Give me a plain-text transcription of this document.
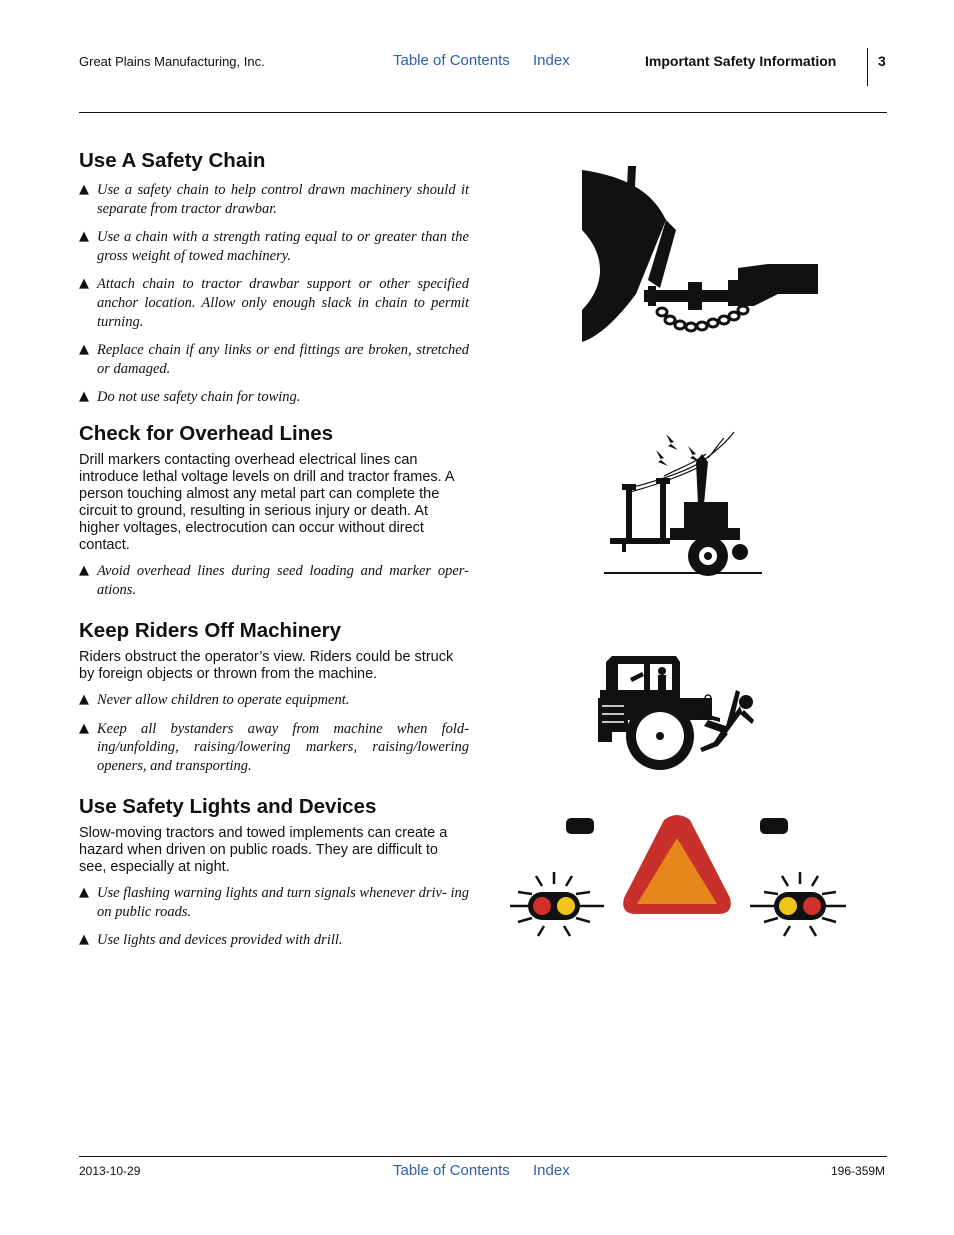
Great Plains Manufacturing, Inc.	Table of Contents Index	Important Safety Information	3
Use A Safety Chain
▲ Use a safety chain to help control drawn machinery should it separate from tractor drawbar.
▲ Use a chain with a strength rating equal to or greater than the gross weight of towed machinery.
▲ Attach chain to tractor drawbar support or other specified anchor location. Allow only enough slack in chain to permit turning.
▲ Replace chain if any links or end fittings are broken, stretched or damaged.
▲ Do not use safety chain for towing.
Check for Overhead Lines
Drill markers contacting overhead electrical lines can introduce lethal voltage levels on drill and tractor frames. A person touching almost any metal part can complete the circuit to ground, resulting in serious injury or death. At higher voltages, electrocution can occur without direct contact.
▲ Avoid overhead lines during seed loading and marker oper- ations.
Keep Riders Off Machinery
Riders obstruct the operator’s view. Riders could be struck by foreign objects or thrown from the machine.
▲ Never allow children to operate equipment.
▲ Keep all bystanders away from machine when fold- ing/unfolding, raising/lowering markers, raising/lowering openers, and transporting.
Use Safety Lights and Devices
Slow-moving tractors and towed implements can create a hazard when driven on public roads. They are difficult to see, especially at night.
▲ Use flashing warning lights and turn signals whenever driv- ing on public roads.
▲ Use lights and devices provided with drill.
2013-10-29	Table of Contents Index	196-359M
